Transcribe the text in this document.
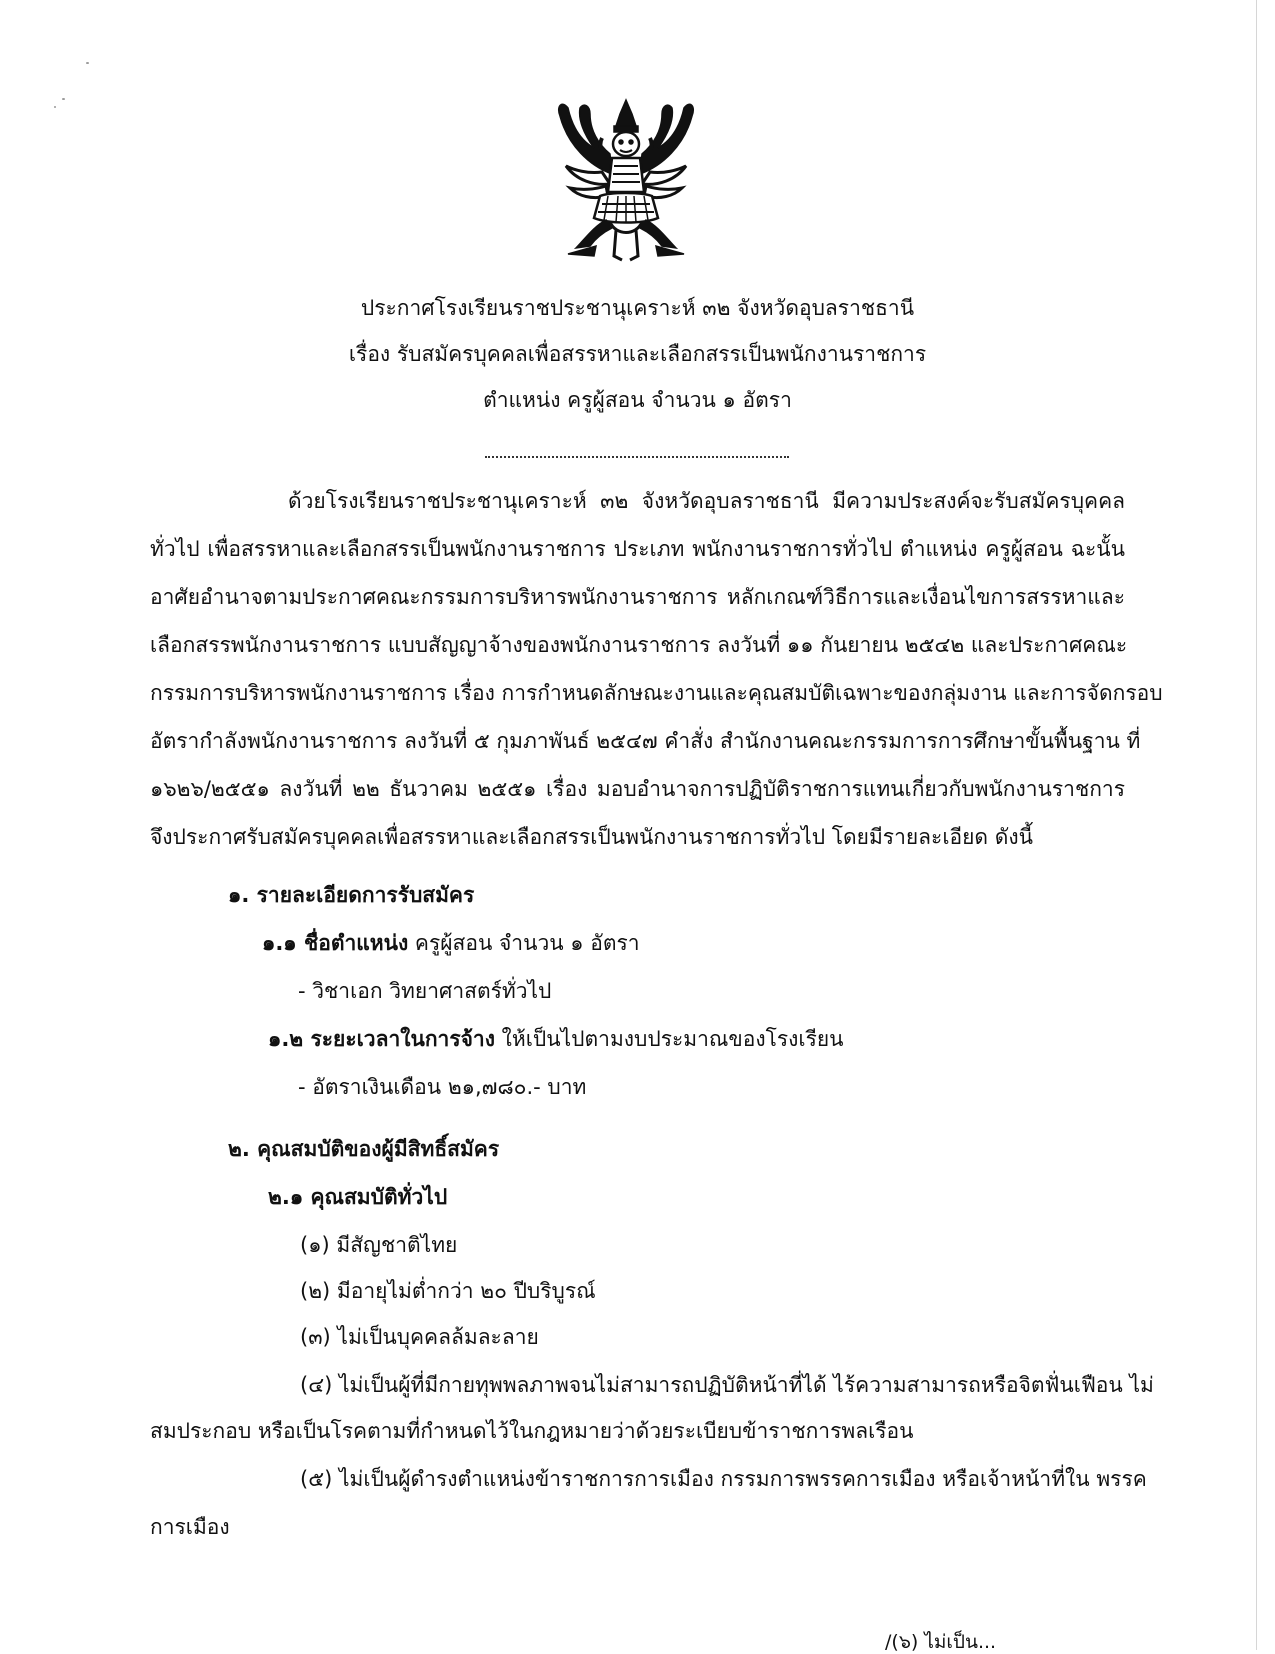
ประกาศโรงเรียนราชประชานุเคราะห์ ๓๒ จังหวัดอุบลราชธานี
เรื่อง รับสมัครบุคคลเพื่อสรรหาและเลือกสรรเป็นพนักงานราชการ
ตำแหน่ง ครูผู้สอน จำนวน ๑ อัตรา
ด้วยโรงเรียนราชประชานุเคราะห์ ๓๒ จังหวัดอุบลราชธานี มีความประสงค์จะรับสมัครบุคคล
ทั่วไป เพื่อสรรหาและเลือกสรรเป็นพนักงานราชการ ประเภท พนักงานราชการทั่วไป ตำแหน่ง ครูผู้สอน ฉะนั้น
อาศัยอำนาจตามประกาศคณะกรรมการบริหารพนักงานราชการ หลักเกณฑ์วิธีการและเงื่อนไขการสรรหาและ
เลือกสรรพนักงานราชการ แบบสัญญาจ้างของพนักงานราชการ ลงวันที่ ๑๑ กันยายน ๒๕๔๒ และประกาศคณะ
กรรมการบริหารพนักงานราชการ เรื่อง การกำหนดลักษณะงานและคุณสมบัติเฉพาะของกลุ่มงาน และการจัดกรอบ
อัตรากำลังพนักงานราชการ ลงวันที่ ๕ กุมภาพันธ์ ๒๕๔๗ คำสั่ง สำนักงานคณะกรรมการการศึกษาขั้นพื้นฐาน ที่
๑๖๒๖/๒๕๕๑ ลงวันที่ ๒๒ ธันวาคม ๒๕๕๑ เรื่อง มอบอำนาจการปฏิบัติราชการแทนเกี่ยวกับพนักงานราชการ
จึงประกาศรับสมัครบุคคลเพื่อสรรหาและเลือกสรรเป็นพนักงานราชการทั่วไป โดยมีรายละเอียด ดังนี้
๑. รายละเอียดการรับสมัคร
๑.๑ ชื่อตำแหน่ง ครูผู้สอน จำนวน ๑ อัตรา
- วิชาเอก วิทยาศาสตร์ทั่วไป
๑.๒ ระยะเวลาในการจ้าง ให้เป็นไปตามงบประมาณของโรงเรียน
- อัตราเงินเดือน ๒๑,๗๘๐.- บาท
๒. คุณสมบัติของผู้มีสิทธิ์สมัคร
๒.๑ คุณสมบัติทั่วไป
(๑) มีสัญชาติไทย
(๒) มีอายุไม่ต่ำกว่า ๒๐ ปีบริบูรณ์
(๓) ไม่เป็นบุคคลล้มละลาย
(๔) ไม่เป็นผู้ที่มีกายทุพพลภาพจนไม่สามารถปฏิบัติหน้าที่ได้ ไร้ความสามารถหรือจิตฟั่นเฟือน ไม่
สมประกอบ หรือเป็นโรคตามที่กำหนดไว้ในกฎหมายว่าด้วยระเบียบข้าราชการพลเรือน
(๕) ไม่เป็นผู้ดำรงตำแหน่งข้าราชการการเมือง กรรมการพรรคการเมือง หรือเจ้าหน้าที่ใน พรรค
การเมือง
/(๖) ไม่เป็น...
